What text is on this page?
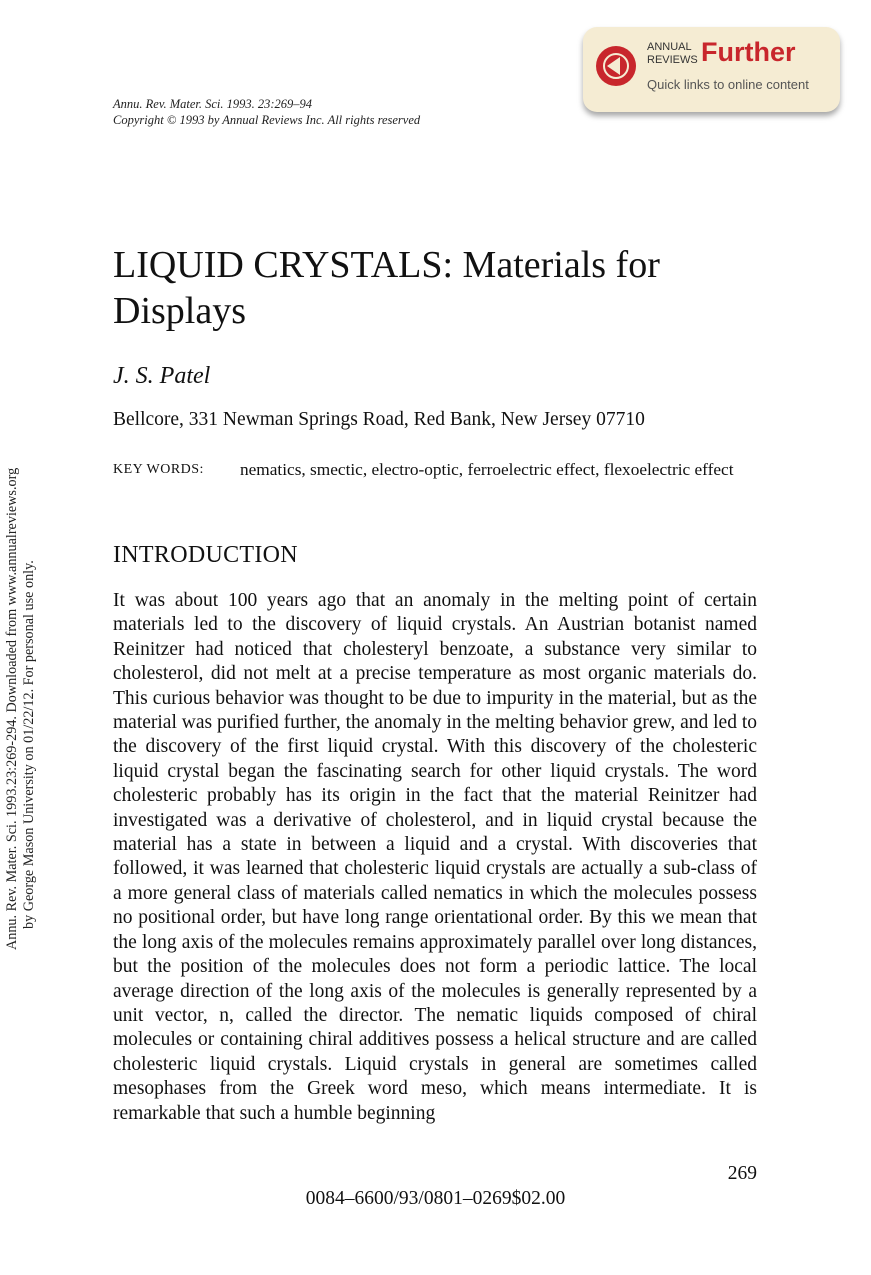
Annu. Rev. Mater. Sci. 1993.23:269-294. Downloaded from www.annualreviews.org by George Mason University on 01/22/12. For personal use only.
Annu. Rev. Mater. Sci. 1993. 23:269–94
Copyright © 1993 by Annual Reviews Inc. All rights reserved
ANNUAL
REVIEWS Further
Quick links to online content
LIQUID CRYSTALS: Materials for Displays
J. S. Patel
Bellcore, 331 Newman Springs Road, Red Bank, New Jersey 07710
KEY WORDS: nematics, smectic, electro-optic, ferroelectric effect, flexoelectric effect
INTRODUCTION

It was about 100 years ago that an anomaly in the melting point of certain materials led to the discovery of liquid crystals. An Austrian botanist named Reinitzer had noticed that cholesteryl benzoate, a substance very similar to cholesterol, did not melt at a precise temperature as most organic materials do. This curious behavior was thought to be due to impurity in the material, but as the material was purified further, the anomaly in the melting behavior grew, and led to the discovery of the first liquid crystal. With this discovery of the cholesteric liquid crystal began the fascinating search for other liquid crystals. The word cholesteric probably has its origin in the fact that the material Reinitzer had investigated was a derivative of cholesterol, and in liquid crystal because the material has a state in between a liquid and a crystal. With discoveries that followed, it was learned that cholesteric liquid crystals are actually a sub-class of a more general class of materials called nematics in which the molecules possess no positional order, but have long range orientational order. By this we mean that the long axis of the molecules remains approximately parallel over long distances, but the position of the molecules does not form a periodic lattice. The local average direction of the long axis of the molecules is generally represented by a unit vector, n, called the director. The nematic liquids composed of chiral molecules or containing chiral additives possess a helical structure and are called cholesteric liquid crystals. Liquid crystals in general are sometimes called mesophases from the Greek word meso, which means intermediate. It is remarkable that such a humble beginning

269
0084–6600/93/0801–0269$02.00
